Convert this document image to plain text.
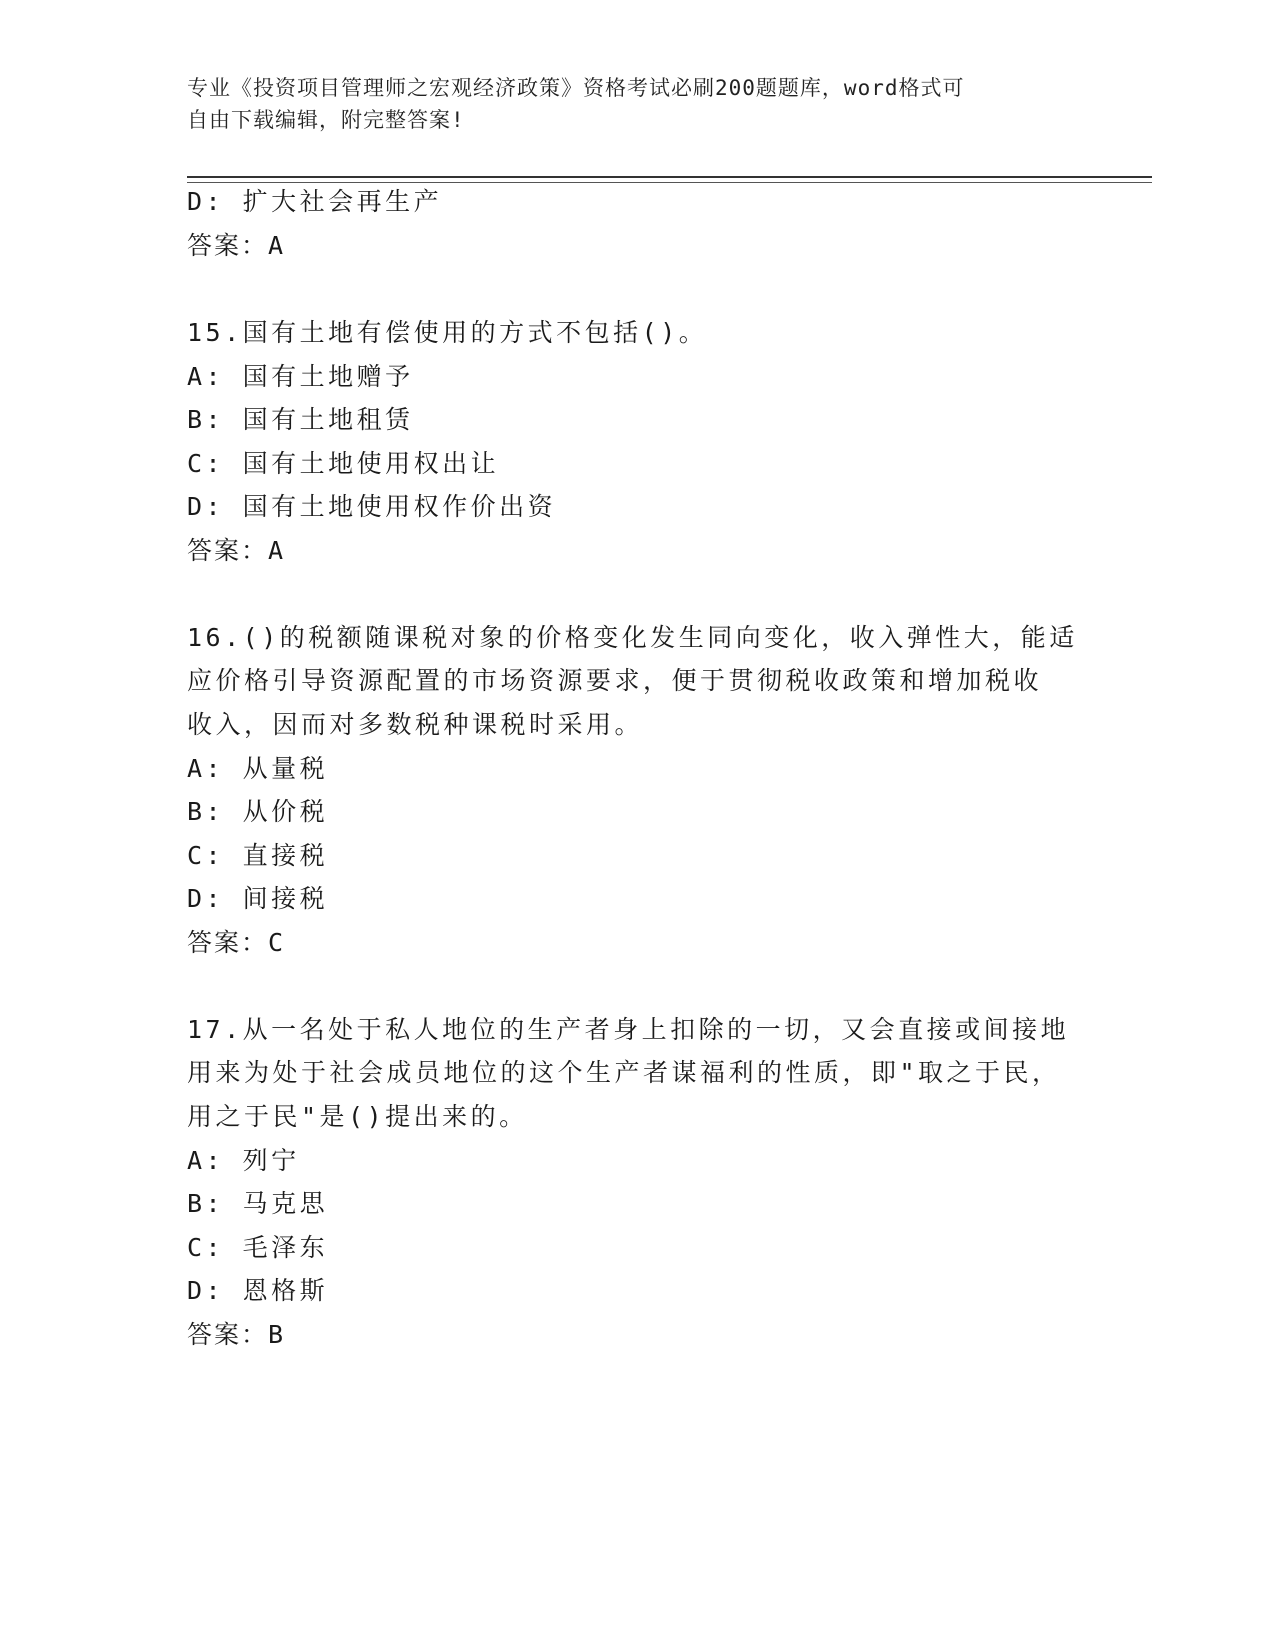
专业《投资项目管理师之宏观经济政策》资格考试必刷200题题库，word格式可
自由下载编辑，附完整答案!
D: 扩大社会再生产
答案：A
15.国有土地有偿使用的方式不包括()。
A: 国有土地赠予
B: 国有土地租赁
C: 国有土地使用权出让
D: 国有土地使用权作价出资
答案：A
16.()的税额随课税对象的价格变化发生同向变化，收入弹性大，能适
应价格引导资源配置的市场资源要求，便于贯彻税收政策和增加税收
收入，因而对多数税种课税时采用。
A: 从量税
B: 从价税
C: 直接税
D: 间接税
答案：C
17.从一名处于私人地位的生产者身上扣除的一切，又会直接或间接地
用来为处于社会成员地位的这个生产者谋福利的性质，即"取之于民，
用之于民"是()提出来的。
A: 列宁
B: 马克思
C: 毛泽东
D: 恩格斯
答案：B
